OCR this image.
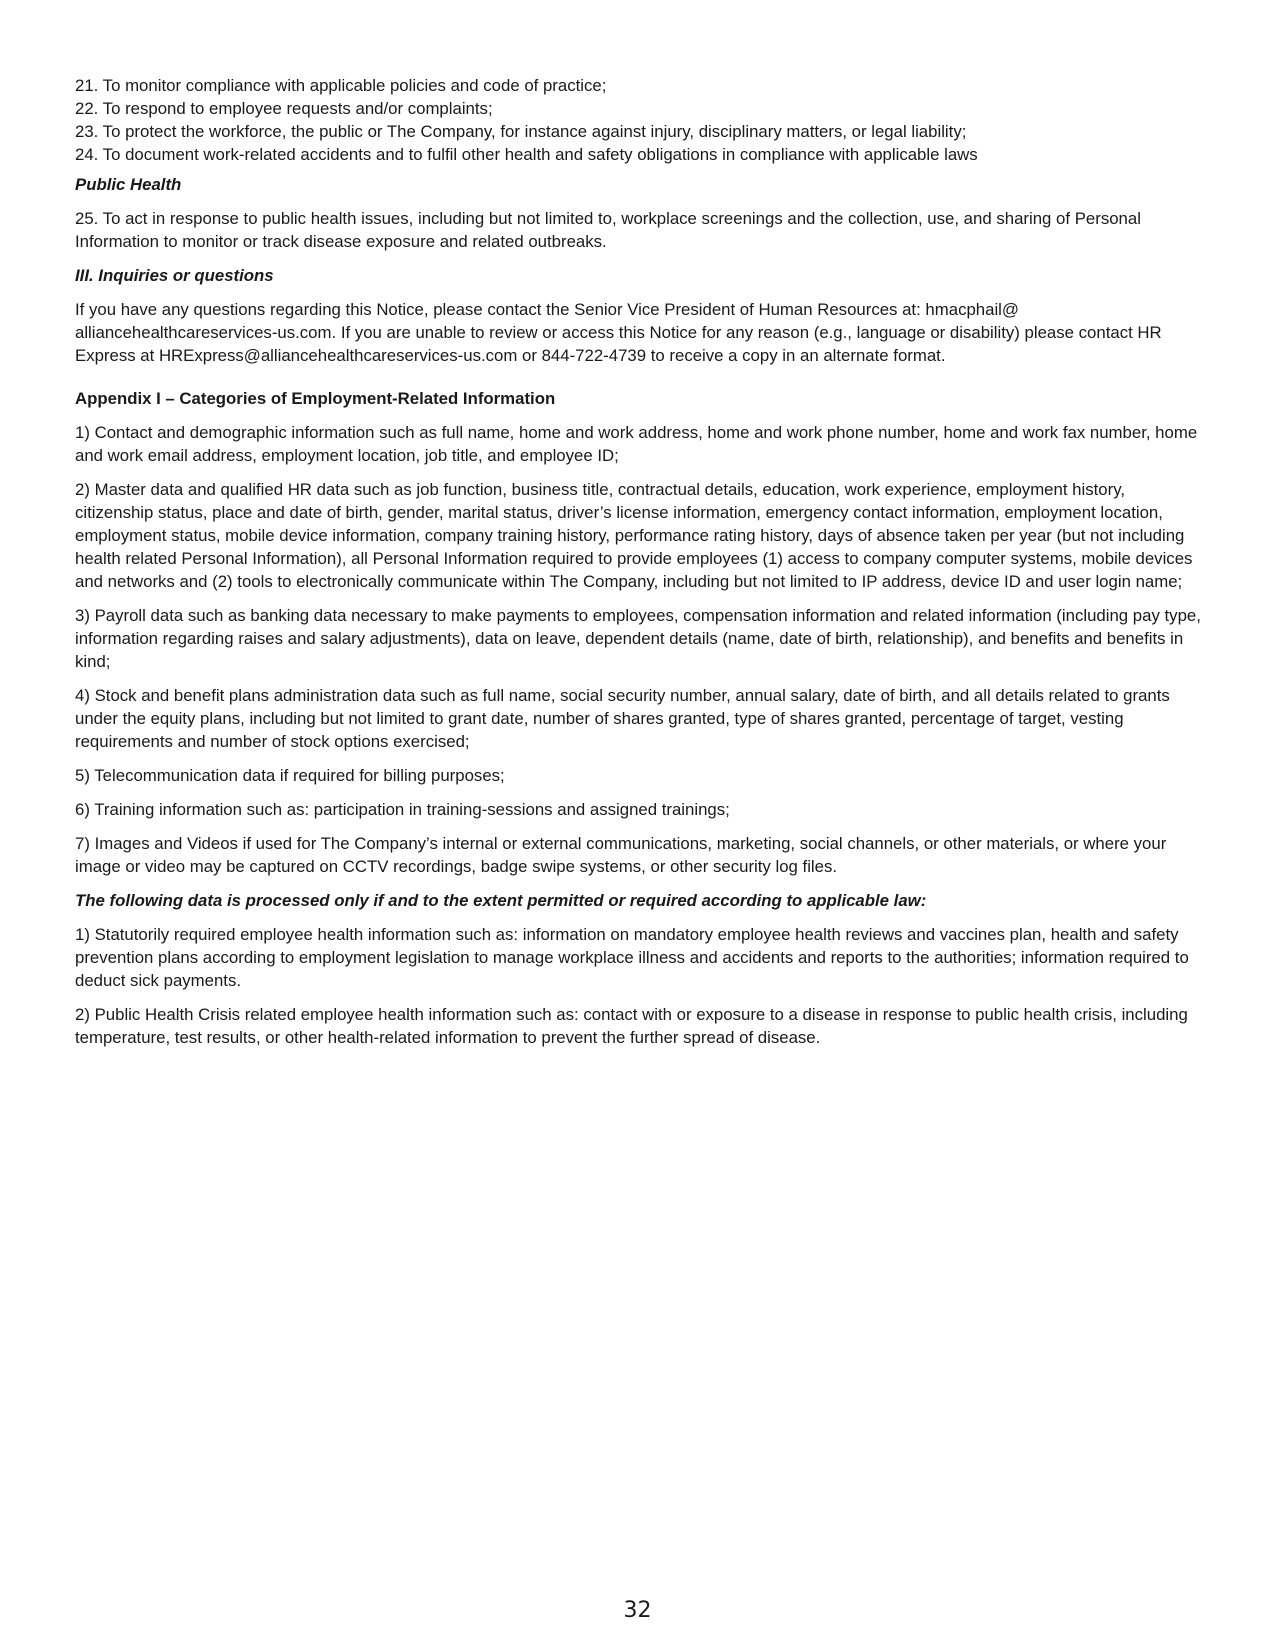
21. To monitor compliance with applicable policies and code of practice;

22. To respond to employee requests and/or complaints;

23. To protect the workforce, the public or The Company, for instance against injury, disciplinary matters, or legal liability;

24. To document work-related accidents and to fulfil other health and safety obligations in compliance with applicable laws

Public Health

25. To act in response to public health issues, including but not limited to, workplace screenings and the collection, use, and sharing of Personal Information to monitor or track disease exposure and related outbreaks.

III. Inquiries or questions

If you have any questions regarding this Notice, please contact the Senior Vice President of Human Resources at: hmacphail@ alliancehealthcareservices-us.com. If you are unable to review or access this Notice for any reason (e.g., language or disability) please contact HR Express at HRExpress@alliancehealthcareservices-us.com or 844-722-4739 to receive a copy in an alternate format.

Appendix I – Categories of Employment-Related Information

1) Contact and demographic information such as full name, home and work address, home and work phone number, home and work fax number, home and work email address, employment location, job title, and employee ID;

2) Master data and qualified HR data such as job function, business title, contractual details, education, work experience, employment history, citizenship status, place and date of birth, gender, marital status, driver’s license information, emergency contact information, employment location, employment status, mobile device information, company training history, performance rating history, days of absence taken per year (but not including health related Personal Information), all Personal Information required to provide employees (1) access to company computer systems, mobile devices and networks and (2) tools to electronically communicate within The Company, including but not limited to IP address, device ID and user login name;

3) Payroll data such as banking data necessary to make payments to employees, compensation information and related information (including pay type, information regarding raises and salary adjustments), data on leave, dependent details (name, date of birth, relationship), and benefits and benefits in kind;

4) Stock and benefit plans administration data such as full name, social security number, annual salary, date of birth, and all details related to grants under the equity plans, including but not limited to grant date, number of shares granted, type of shares granted, percentage of target, vesting requirements and number of stock options exercised;

5) Telecommunication data if required for billing purposes;

6) Training information such as: participation in training-sessions and assigned trainings;

7) Images and Videos if used for The Company’s internal or external communications, marketing, social channels, or other materials, or where your image or video may be captured on CCTV recordings, badge swipe systems, or other security log files.

The following data is processed only if and to the extent permitted or required according to applicable law:

1) Statutorily required employee health information such as: information on mandatory employee health reviews and vaccines plan, health and safety prevention plans according to employment legislation to manage workplace illness and accidents and reports to the authorities; information required to deduct sick payments.

2) Public Health Crisis related employee health information such as: contact with or exposure to a disease in response to public health crisis, including temperature, test results, or other health-related information to prevent the further spread of disease.

32
